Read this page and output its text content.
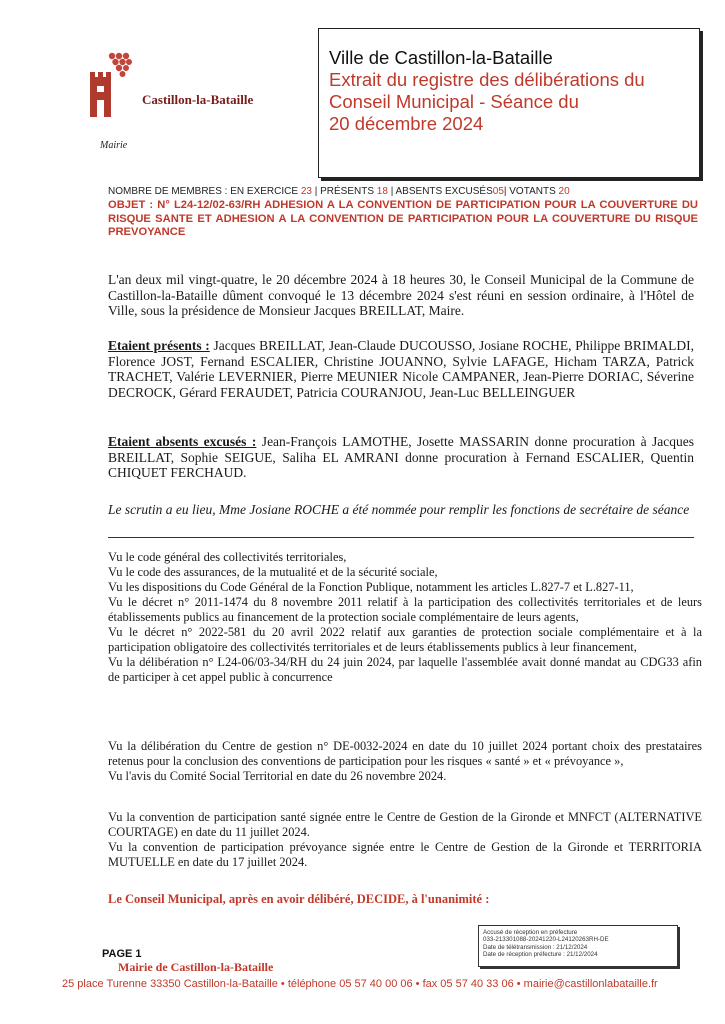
Castillon-la-Bataille
Mairie
Ville de Castillon-la-Bataille
Extrait du registre des délibérations du
Conseil Municipal - Séance du
20 décembre 2024
NOMBRE DE MEMBRES : EN EXERCICE 23 | PRÉSENTS 18 | ABSENTS EXCUSÉS05| VOTANTS 20
OBJET : N° L24-12/02-63/RH ADHESION A LA CONVENTION DE PARTICIPATION POUR LA COUVERTURE DU RISQUE SANTE ET ADHESION A LA CONVENTION DE PARTICIPATION POUR LA COUVERTURE DU RISQUE PREVOYANCE
L'an deux mil vingt-quatre, le 20 décembre 2024 à 18 heures 30, le Conseil Municipal de la Commune de Castillon-la-Bataille dûment convoqué le 13 décembre 2024 s'est réuni en session ordinaire, à l'Hôtel de Ville, sous la présidence de Monsieur Jacques BREILLAT, Maire.
Etaient présents : Jacques BREILLAT, Jean-Claude DUCOUSSO, Josiane ROCHE, Philippe BRIMALDI, Florence JOST, Fernand ESCALIER, Christine JOUANNO, Sylvie LAFAGE, Hicham TARZA, Patrick TRACHET, Valérie LEVERNIER, Pierre MEUNIER Nicole CAMPANER, Jean-Pierre DORIAC, Séverine DECROCK, Gérard FERAUDET, Patricia COURANJOU, Jean-Luc BELLEINGUER
Etaient absents excusés : Jean-François LAMOTHE, Josette MASSARIN donne procuration à Jacques BREILLAT, Sophie SEIGUE, Saliha EL AMRANI donne procuration à Fernand ESCALIER, Quentin CHIQUET FERCHAUD.
Le scrutin a eu lieu, Mme Josiane ROCHE a été nommée pour remplir les fonctions de secrétaire de séance

Vu le code général des collectivités territoriales,

Vu le code des assurances, de la mutualité et de la sécurité sociale,

Vu les dispositions du Code Général de la Fonction Publique, notamment les articles L.827-7 et L.827-11,

Vu le décret n° 2011-1474 du 8 novembre 2011 relatif à la participation des collectivités territoriales et de leurs établissements publics au financement de la protection sociale complémentaire de leurs agents,

Vu le décret n° 2022-581 du 20 avril 2022 relatif aux garanties de protection sociale complémentaire et à la participation obligatoire des collectivités territoriales et de leurs établissements publics à leur financement,

Vu la délibération n° L24-06/03-34/RH du 24 juin 2024, par laquelle l'assemblée avait donné mandat au CDG33 afin de participer à cet appel public à concurrence

Vu la délibération du Centre de gestion n° DE-0032-2024 en date du 10 juillet 2024 portant choix des prestataires retenus pour la conclusion des conventions de participation pour les risques « santé » et « prévoyance »,

Vu l'avis du Comité Social Territorial en date du 26 novembre 2024.

Vu la convention de participation santé signée entre le Centre de Gestion de la Gironde et MNFCT (ALTERNATIVE COURTAGE) en date du 11 juillet 2024.

Vu la convention de participation prévoyance signée entre le Centre de Gestion de la Gironde et TERRITORIA MUTUELLE en date du 17 juillet 2024.

Le Conseil Municipal, après en avoir délibéré, DECIDE, à l'unanimité :
Accusé de réception en préfecture
033-213301088-20241220-L24120263RH-DE
Date de télétransmission : 21/12/2024
Date de réception préfecture : 21/12/2024
PAGE 1
Mairie de Castillon-la-Bataille
25 place Turenne 33350 Castillon-la-Bataille • téléphone 05 57 40 00 06 • fax 05 57 40 33 06 • mairie@castillonlabataille.fr
